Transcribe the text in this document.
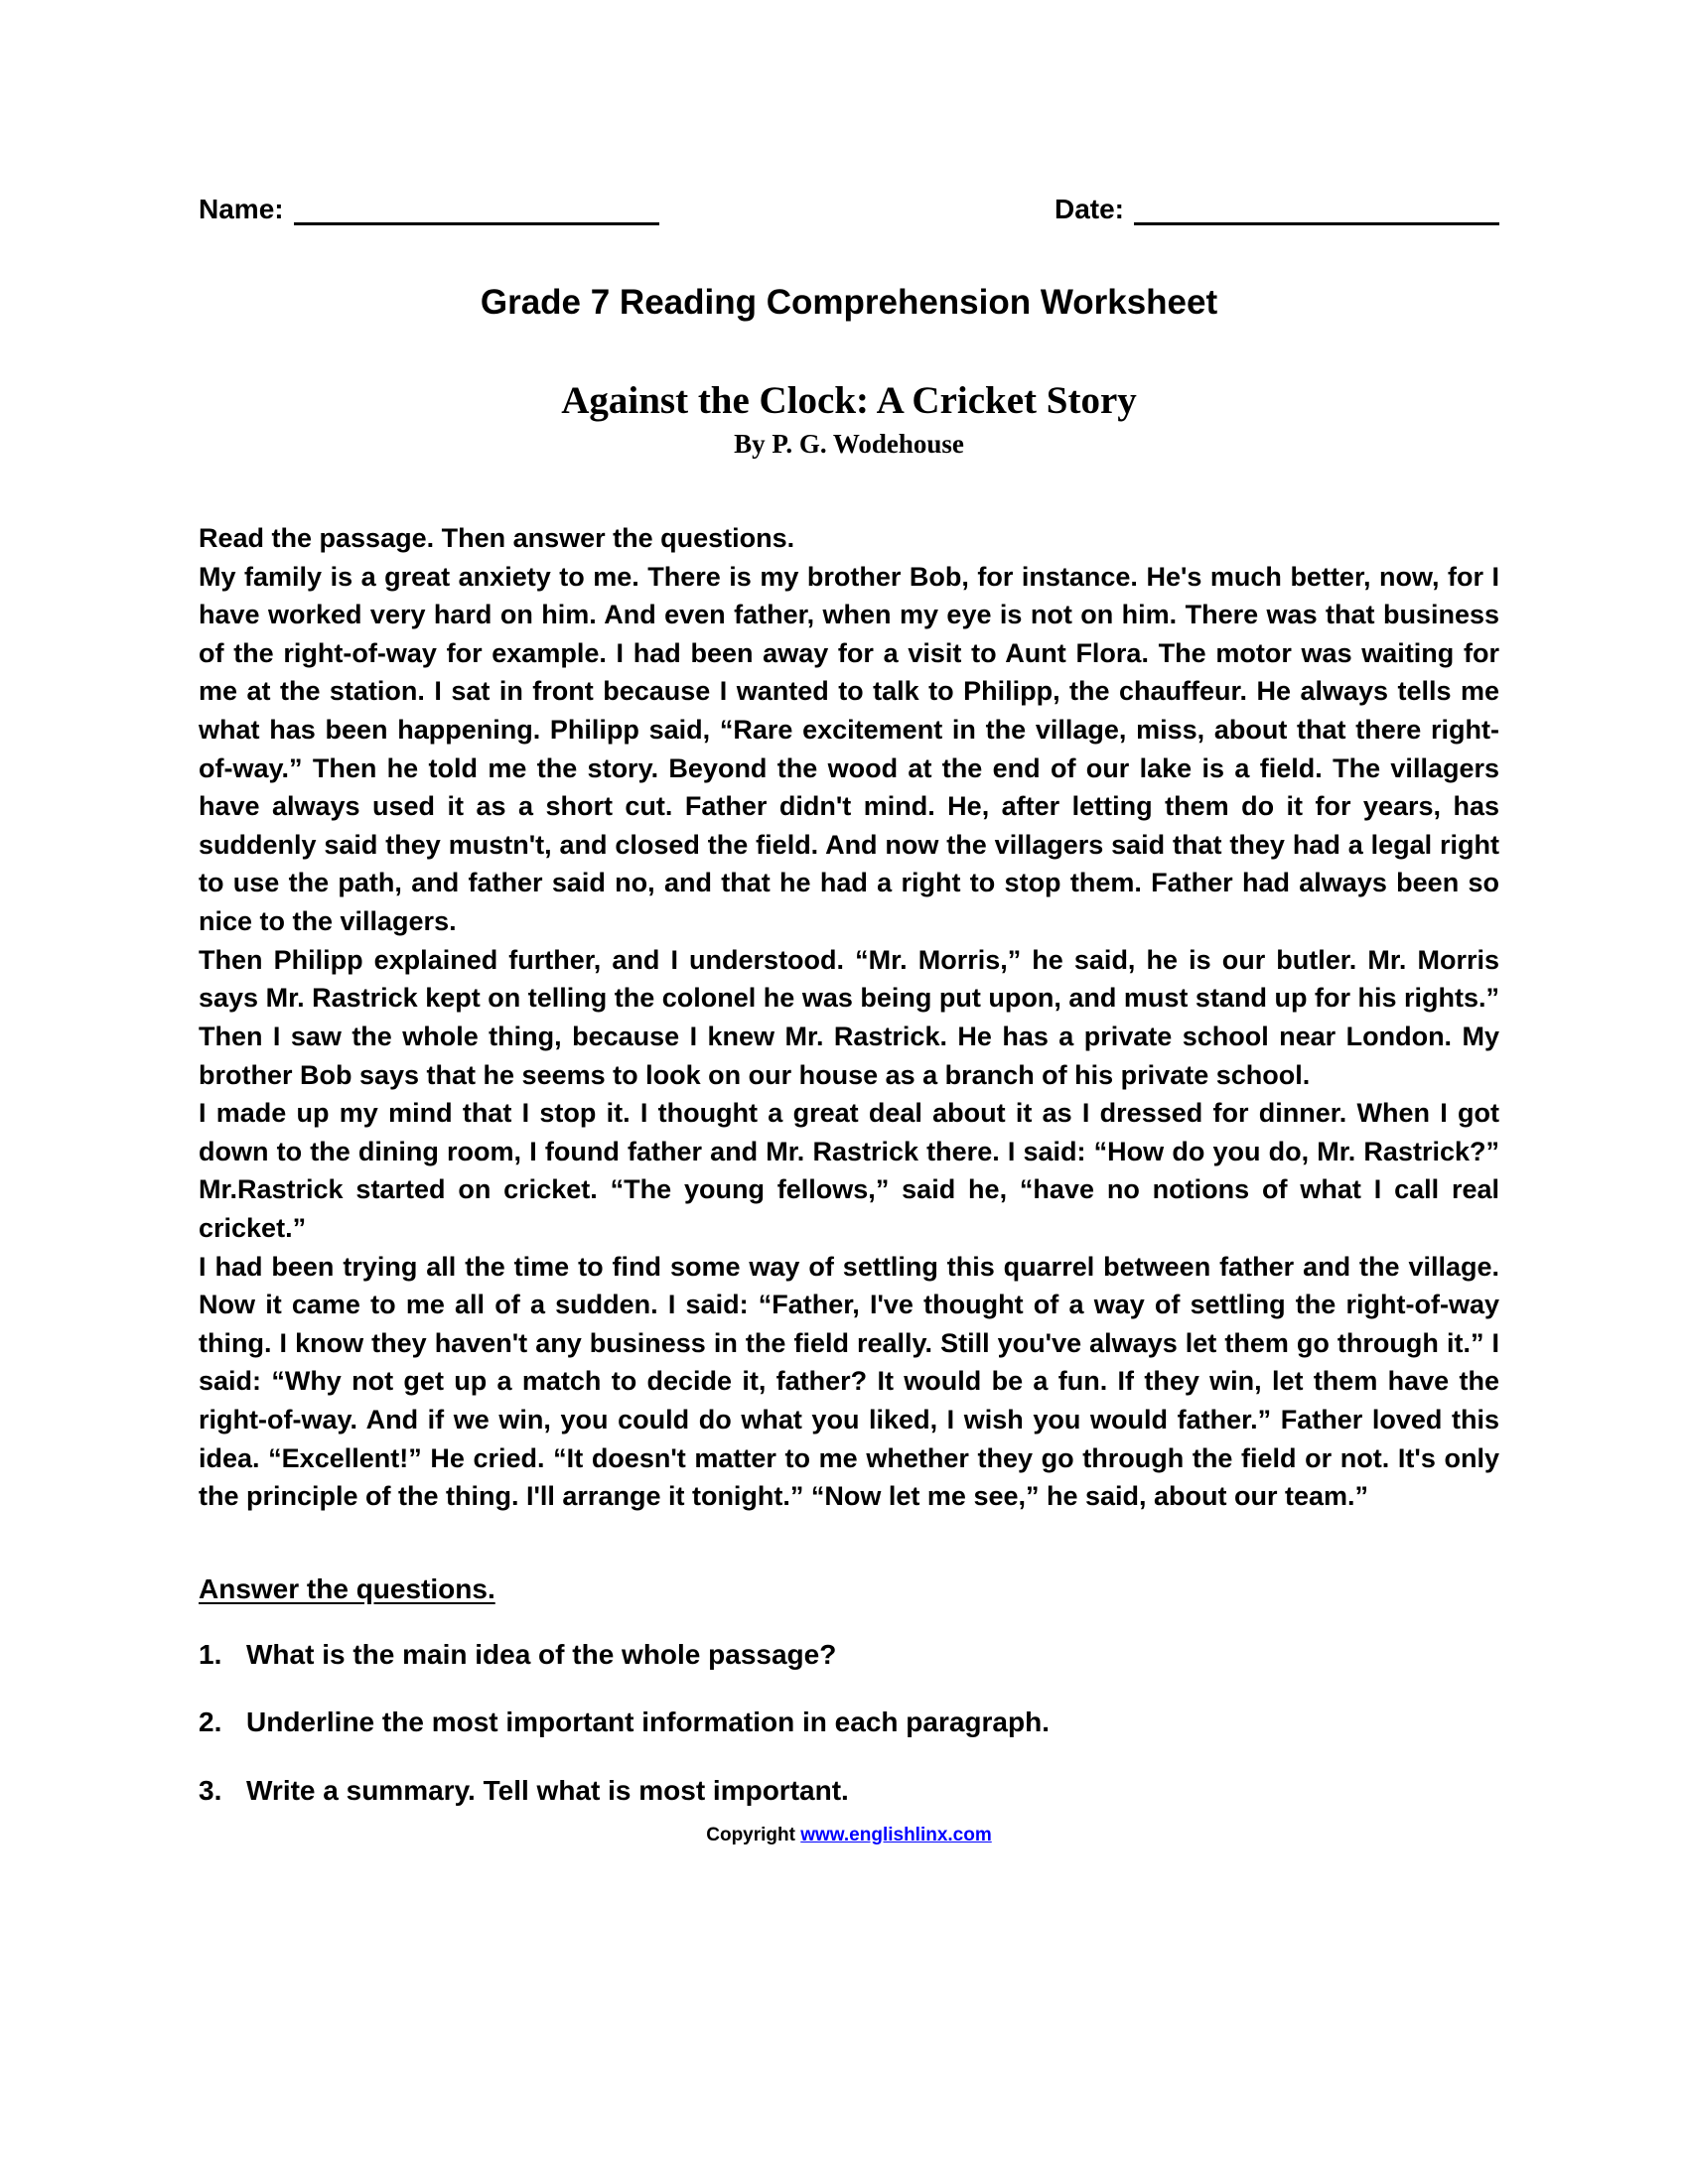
Name:	Date:
Grade 7 Reading Comprehension Worksheet
Against the Clock: A Cricket Story
By P. G. Wodehouse
Read the passage. Then answer the questions.

My family is a great anxiety to me. There is my brother Bob, for instance. He's much better, now, for I have worked very hard on him. And even father, when my eye is not on him. There was that business of the right-of-way for example. I had been away for a visit to Aunt Flora. The motor was waiting for me at the station. I sat in front because I wanted to talk to Philipp, the chauffeur. He always tells me what has been happening. Philipp said, “Rare excitement in the village, miss, about that there right-of-way.” Then he told me the story. Beyond the wood at the end of our lake is a field. The villagers have always used it as a short cut. Father didn't mind. He, after letting them do it for years, has suddenly said they mustn't, and closed the field. And now the villagers said that they had a legal right to use the path, and father said no, and that he had a right to stop them. Father had always been so nice to the villagers.

Then Philipp explained further, and I understood. “Mr. Morris,” he said, he is our butler. Mr. Morris says Mr. Rastrick kept on telling the colonel he was being put upon, and must stand up for his rights.” Then I saw the whole thing, because I knew Mr. Rastrick. He has a private school near London. My brother Bob says that he seems to look on our house as a branch of his private school.

I made up my mind that I stop it. I thought a great deal about it as I dressed for dinner. When I got down to the dining room, I found father and Mr. Rastrick there. I said: “How do you do, Mr. Rastrick?” Mr.Rastrick started on cricket. “The young fellows,” said he, “have no notions of what I call real cricket.”

I had been trying all the time to find some way of settling this quarrel between father and the village. Now it came to me all of a sudden. I said: “Father, I've thought of a way of settling the right-of-way thing. I know they haven't any business in the field really. Still you've always let them go through it.” I said: “Why not get up a match to decide it, father? It would be a fun. If they win, let them have the right-of-way. And if we win, you could do what you liked, I wish you would father.” Father loved this idea. “Excellent!” He cried. “It doesn't matter to me whether they go through the field or not. It's only the principle of the thing. I'll arrange it tonight.” “Now let me see,” he said, about our team.”

Answer the questions.
1. What is the main idea of the whole passage?
2. Underline the most important information in each paragraph.
3. Write a summary. Tell what is most important.
Copyright www.englishlinx.com
